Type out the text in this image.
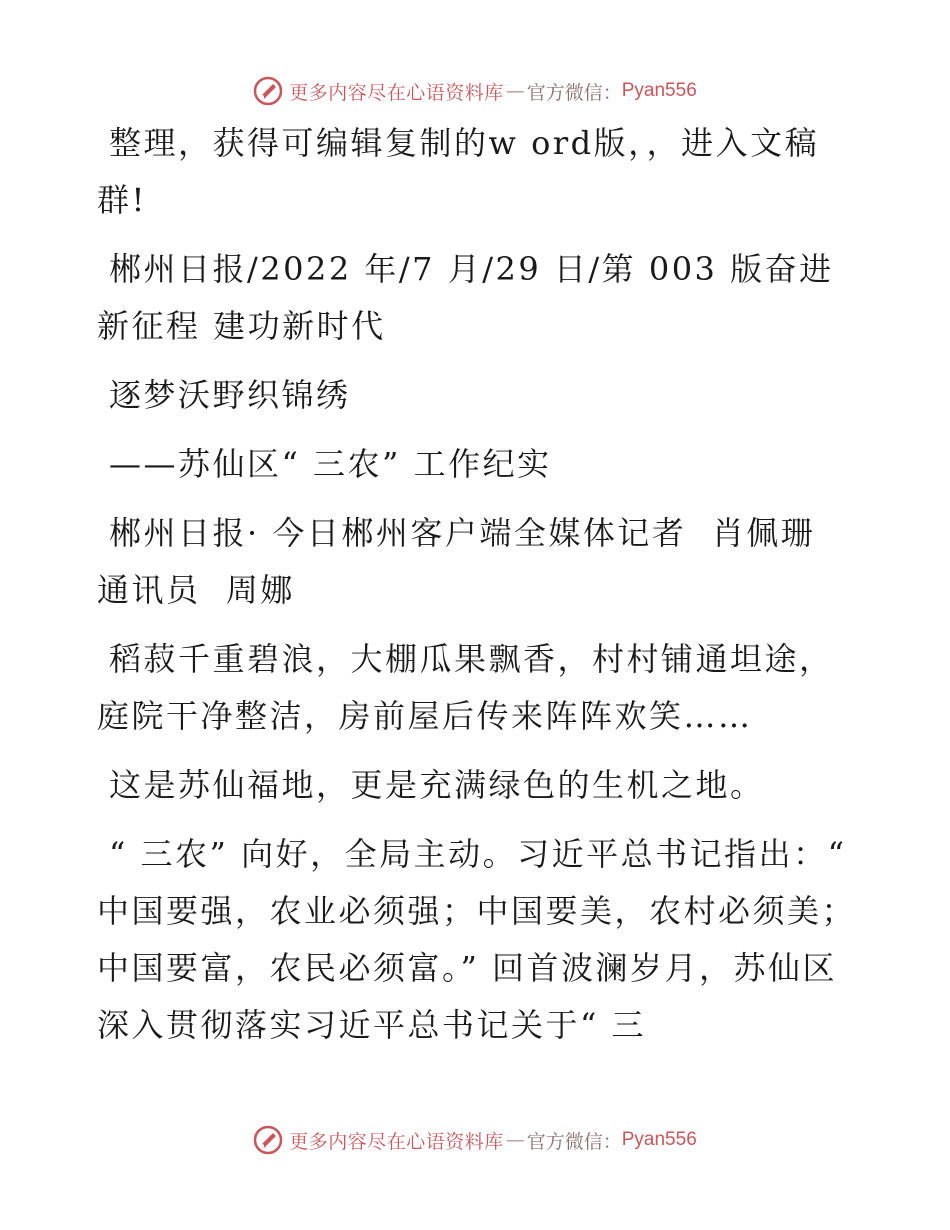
更多内容尽在心语资料库 — 官方微信： Pyan556

整理，获得可编辑复制的w ord版，，进入文稿群!

郴州日报/2022 年/7 月/29 日/第 003 版奋进新征程 建功新时代

逐梦沃野织锦绣

——苏仙区“ 三农” 工作纪实

郴州日报· 今日郴州客户端全媒体记者  肖佩珊  通讯员  周娜

稻菽千重碧浪，大棚瓜果飘香，村村铺通坦途，庭院干净整洁，房前屋后传来阵阵欢笑……

这是苏仙福地，更是充满绿色的生机之地。

“ 三农” 向好，全局主动。习近平总书记指出：“ 中国要强，农业必须强；中国要美，农村必须美；中国要富，农民必须富。” 回首波澜岁月，苏仙区深入贯彻落实习近平总书记关于“ 三

更多内容尽在心语资料库 — 官方微信： Pyan556
